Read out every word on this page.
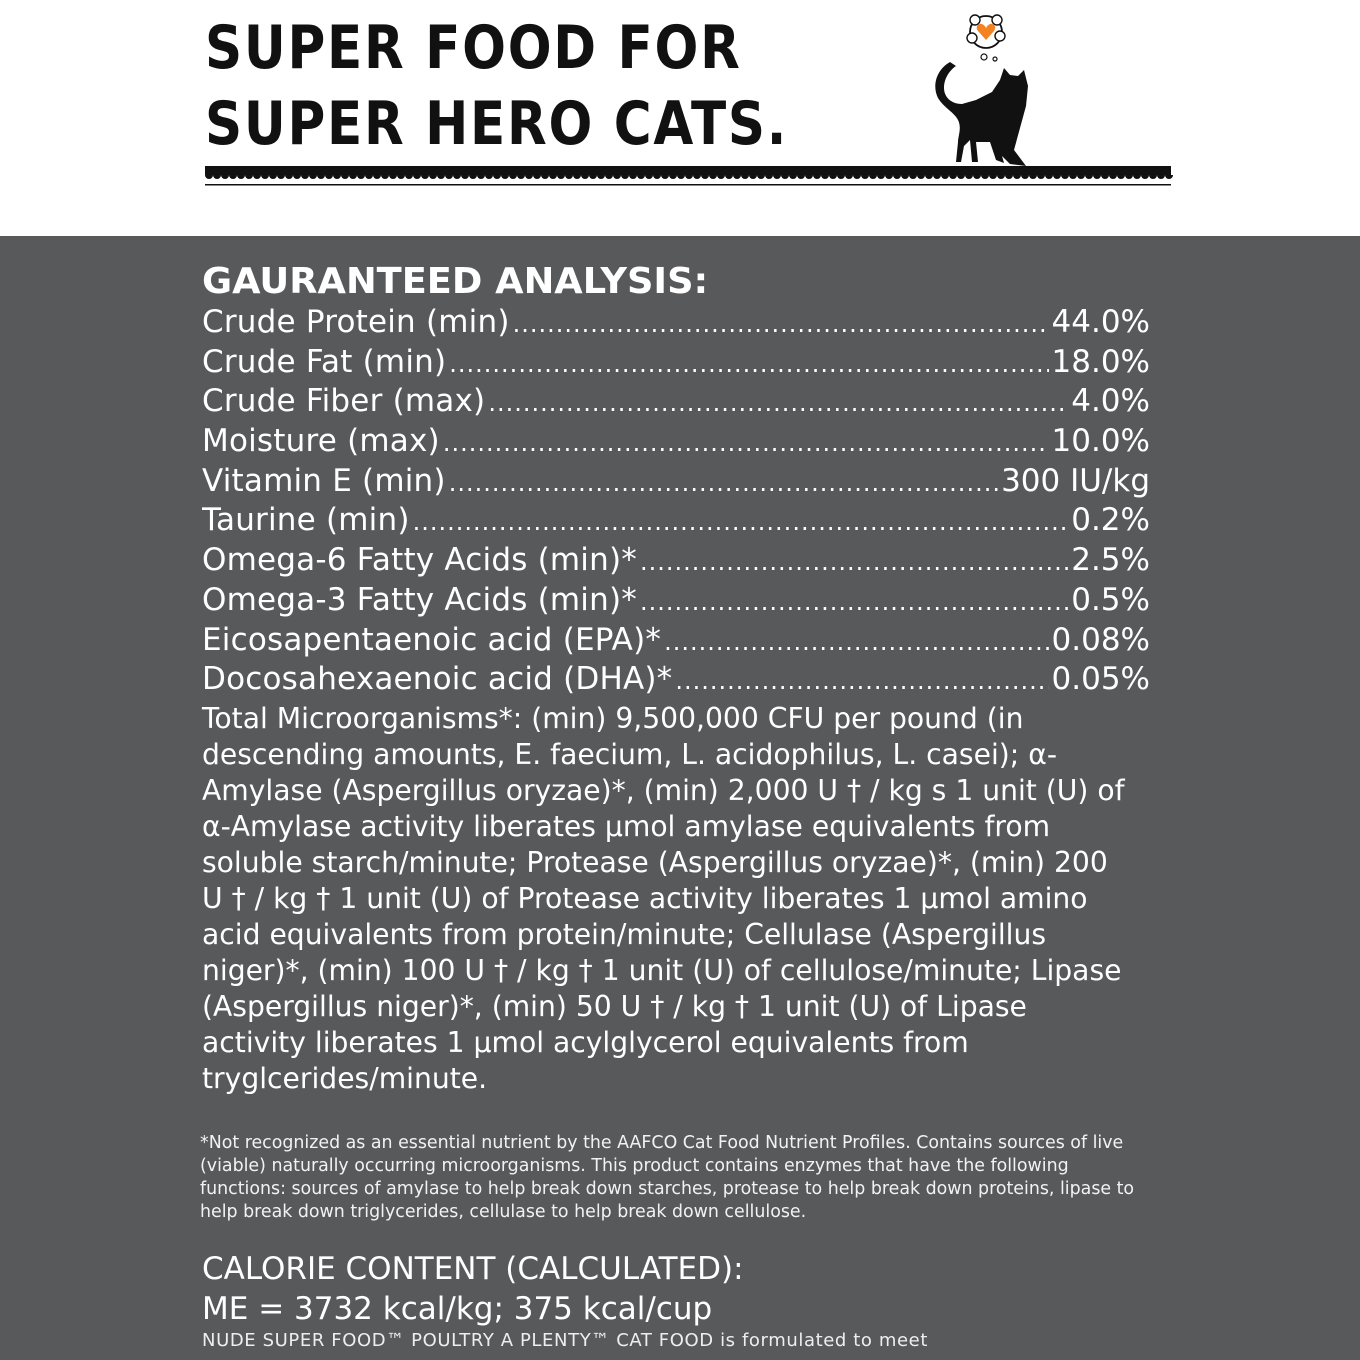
SUPER FOOD FOR
SUPER HERO CATS.
GAURANTEED ANALYSIS:
Crude Protein (min) .....	44.0%
Crude Fat (min) .....	18.0%
Crude Fiber (max) .....	4.0%
Moisture (max) .....	10.0%
Vitamin E (min) .....	300 IU/kg
Taurine (min) .....	0.2%
Omega-6 Fatty Acids (min)* .....	2.5%
Omega-3 Fatty Acids (min)* .....	0.5%
Eicosapentaenoic acid (EPA)* .....	0.08%
Docosahexaenoic acid (DHA)* .....	0.05%

Total Microorganisms*: (min) 9,500,000 CFU per pound (in descending amounts, E. faecium, L. acidophilus, L. casei); α-Amylase (Aspergillus oryzae)*, (min) 2,000 U † / kg s 1 unit (U) of α-Amylase activity liberates μmol amylase equivalents from soluble starch/minute; Protease (Aspergillus oryzae)*, (min) 200 U † / kg † 1 unit (U) of Protease activity liberates 1 μmol amino acid equivalents from protein/minute; Cellulase (Aspergillus niger)*, (min) 100 U † / kg † 1 unit (U) of cellulose/minute; Lipase (Aspergillus niger)*, (min) 50 U † / kg † 1 unit (U) of Lipase activity liberates 1 μmol acylglycerol equivalents from tryglcerides/minute.

*Not recognized as an essential nutrient by the AAFCO Cat Food Nutrient Profiles. Contains sources of live (viable) naturally occurring microorganisms. This product contains enzymes that have the following functions: sources of amylase to help break down starches, protease to help break down proteins, lipase to help break down triglycerides, cellulase to help break down cellulose.

CALORIE CONTENT (CALCULATED):

ME = 3732 kcal/kg; 375 kcal/cup

NUDE SUPER FOOD™ POULTRY A PLENTY™ CAT FOOD is formulated to meet
